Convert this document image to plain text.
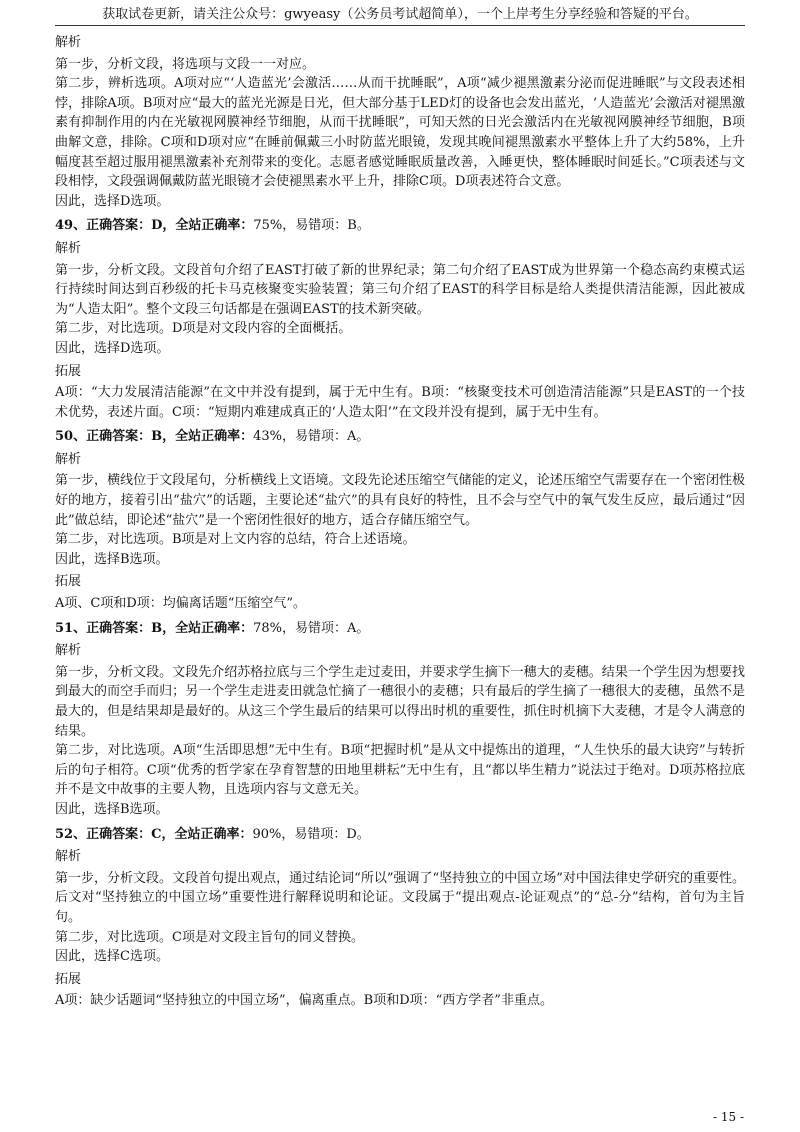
获取试卷更新，请关注公众号：gwyeasy（公务员考试超简单），一个上岸考生分享经验和答疑的平台。

解析

第一步，分析文段，将选项与文段一一对应。

第二步，辨析选项。A项对应“‘人造蓝光’会激活……从而干扰睡眠”，A项“减少褪黑激素分泌而促进睡眠”与文段表述相悖，排除A项。B项对应“最大的蓝光光源是日光，但大部分基于LED灯的设备也会发出蓝光，‘人造蓝光’会激活对褪黑激素有抑制作用的内在光敏视网膜神经节细胞，从而干扰睡眠”，可知天然的日光会激活内在光敏视网膜神经节细胞，B项曲解文意，排除。C项和D项对应“在睡前佩戴三小时防蓝光眼镜，发现其晚间褪黑激素水平整体上升了大约58%，上升幅度甚至超过服用褪黑激素补充剂带来的变化。志愿者感觉睡眠质量改善，入睡更快，整体睡眠时间延长。”C项表述与文段相悖，文段强调佩戴防蓝光眼镜才会使褪黑素水平上升，排除C项。D项表述符合文意。

因此，选择D选项。

49、正确答案：D，全站正确率：75%，易错项：B。

解析

第一步，分析文段。文段首句介绍了EAST打破了新的世界纪录；第二句介绍了EAST成为世界第一个稳态高约束模式运行持续时间达到百秒级的托卡马克核聚变实验装置；第三句介绍了EAST的科学目标是给人类提供清洁能源，因此被成为“人造太阳”。整个文段三句话都是在强调EAST的技术新突破。

第二步，对比选项。D项是对文段内容的全面概括。

因此，选择D选项。

拓展

A项：“大力发展清洁能源”在文中并没有提到，属于无中生有。B项：“核聚变技术可创造清洁能源”只是EAST的一个技术优势，表述片面。C项：“短期内难建成真正的‘人造太阳’”在文段并没有提到，属于无中生有。

50、正确答案：B，全站正确率：43%，易错项：A。

解析

第一步，横线位于文段尾句，分析横线上文语境。文段先论述压缩空气储能的定义，论述压缩空气需要存在一个密闭性极好的地方，接着引出“盐穴”的话题，主要论述“盐穴”的具有良好的特性，且不会与空气中的氧气发生反应，最后通过“因此”做总结，即论述“盐穴”是一个密闭性很好的地方，适合存储压缩空气。

第二步，对比选项。B项是对上文内容的总结，符合上述语境。

因此，选择B选项。

拓展

A项、C项和D项：均偏离话题“压缩空气”。

51、正确答案：B，全站正确率：78%，易错项：A。

解析

第一步，分析文段。文段先介绍苏格拉底与三个学生走过麦田，并要求学生摘下一穗大的麦穗。结果一个学生因为想要找到最大的而空手而归；另一个学生走进麦田就急忙摘了一穗很小的麦穗；只有最后的学生摘了一穗很大的麦穗，虽然不是最大的，但是结果却是最好的。从这三个学生最后的结果可以得出时机的重要性，抓住时机摘下大麦穗，才是令人满意的结果。

第二步，对比选项。A项“生活即思想”无中生有。B项“把握时机”是从文中提炼出的道理，“人生快乐的最大诀窍”与转折后的句子相符。C项“优秀的哲学家在孕育智慧的田地里耕耘”无中生有，且“都以毕生精力”说法过于绝对。D项苏格拉底并不是文中故事的主要人物，且选项内容与文意无关。

因此，选择B选项。

52、正确答案：C，全站正确率：90%，易错项：D。

解析

第一步，分析文段。文段首句提出观点，通过结论词“所以”强调了“坚持独立的中国立场”对中国法律史学研究的重要性。后文对“坚持独立的中国立场”重要性进行解释说明和论证。文段属于“提出观点-论证观点”的“总-分”结构，首句为主旨句。

第二步，对比选项。C项是对文段主旨句的同义替换。

因此，选择C选项。

拓展

A项：缺少话题词“坚持独立的中国立场”，偏离重点。B项和D项：“西方学者”非重点。

- 15 -
